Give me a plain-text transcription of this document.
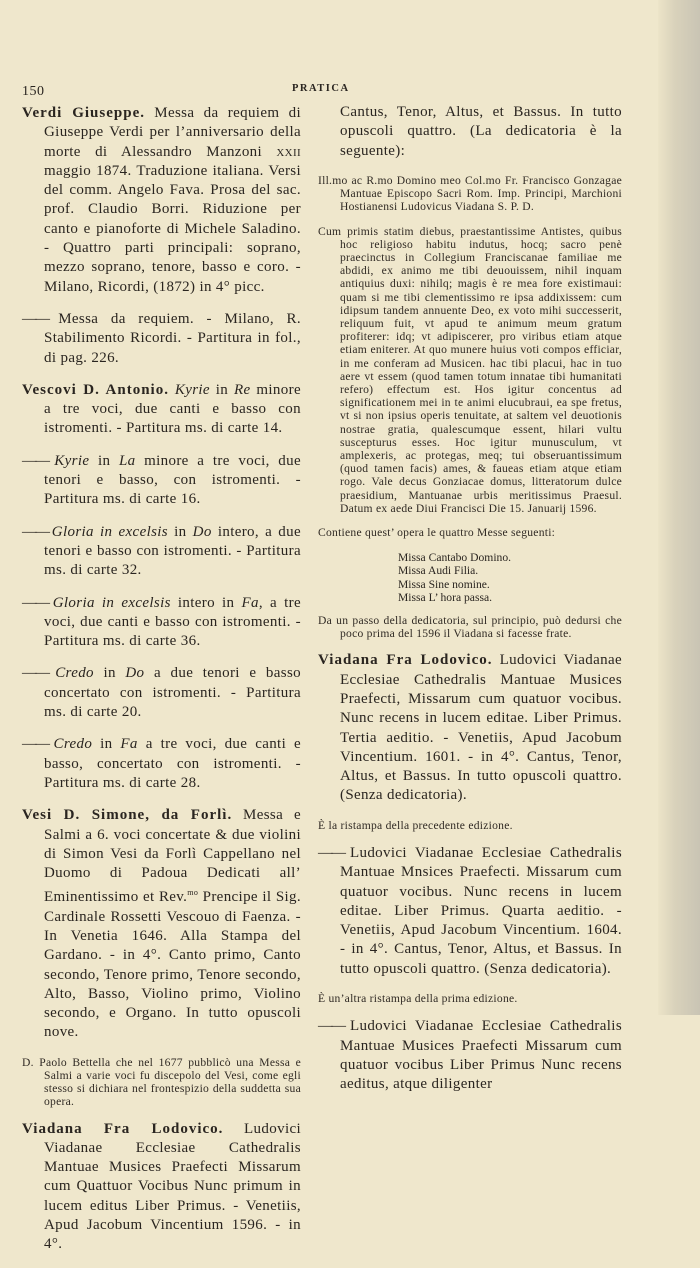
150	PRATICA

Verdi Giuseppe. Messa da requiem di Giuseppe Verdi per l’anniversario della morte di Alessandro Manzoni xxii maggio 1874. Traduzione italiana. Versi del comm. Angelo Fava. Prosa del sac. prof. Claudio Borri. Riduzione per canto e pianoforte di Michele Saladino. - Quattro parti principali: soprano, mezzo soprano, tenore, basso e coro. - Milano, Ricordi, (1872) in 4° picc.

—— Messa da requiem. - Milano, R. Stabilimento Ricordi. - Partitura in fol., di pag. 226.

Vescovi D. Antonio. Kyrie in Re minore a tre voci, due canti e basso con istromenti. - Partitura ms. di carte 14.

—— Kyrie in La minore a tre voci, due tenori e basso, con istromenti. - Partitura ms. di carte 16.

—— Gloria in excelsis in Do intero, a due tenori e basso con istromenti. - Partitura ms. di carte 32.

—— Gloria in excelsis intero in Fa, a tre voci, due canti e basso con istromenti. - Partitura ms. di carte 36.

—— Credo in Do a due tenori e basso concertato con istromenti. - Partitura ms. di carte 20.

—— Credo in Fa a tre voci, due canti e basso, concertato con istromenti. - Partitura ms. di carte 28.

Vesi D. Simone, da Forlì. Messa e Salmi a 6. voci concertate & due violini di Simon Vesi da Forlì Cappellano nel Duomo di Padoua Dedicati all’ Eminentissimo et Rev.$^{mo}$ Prencipe il Sig. Cardinale Rossetti Vescouo di Faenza. - In Venetia 1646. Alla Stampa del Gardano. - in 4°. Canto primo, Canto secondo, Tenore primo, Tenore secondo, Alto, Basso, Violino primo, Violino secondo, e Organo. In tutto opuscoli nove.

D. Paolo Bettella che nel 1677 pubblicò una Messa e Salmi a varie voci fu discepolo del Vesi, come egli stesso si dichiara nel frontespizio della suddetta sua opera.

Viadana Fra Lodovico. Ludovici Viadanae Ecclesiae Cathedralis Mantuae Musices Praefecti Missarum cum Quattuor Vocibus Nunc primum in lucem editus Liber Primus. - Venetiis, Apud Jacobum Vincentium 1596. - in 4°.

Cantus, Tenor, Altus, et Bassus. In tutto opuscoli quattro. (La dedicatoria è la seguente):

Ill.mo ac R.mo Domino meo Col.mo Fr. Francisco Gonzagae Mantuae Episcopo Sacri Rom. Imp. Principi, Marchioni Hostianensi Ludovicus Viadana S. P. D.

Cum primis statim diebus, praestantissime Antistes, quibus hoc religioso habitu indutus, hocq; sacro penè praecinctus in Collegium Franciscanae familiae me abdidi, ex animo me tibi deuouissem, nihil inquam antiquius duxi: nihilq; magis è re mea fore existimaui: quam si me tibi clementissimo re ipsa addixissem: cum idipsum tandem annuente Deo, ex voto mihi successerit, reliquum fuit, vt apud te animum meum gratum profiterer: idq; vt adipiscerer, pro viribus etiam atque etiam eniterer. At quo munere huius voti compos efficiar, in me conferam ad Musicen. hac tibi placui, hac in tuo aere vt essem (quod tamen totum innatae tibi humanitati refero) effectum est. Hos igitur concentus ad significationem mei in te animi elucubraui, ea spe fretus, vt si non ipsius operis tenuitate, at saltem vel deuotionis nostrae gratia, qualescumque essent, hilari vultu suscepturus esses. Hoc igitur munusculum, vt amplexeris, ac protegas, meq; tui obseruantissimum (quod tamen facis) ames, & faueas etiam atque etiam rogo. Vale decus Gonziacae domus, litteratorum dulce praesidium, Mantuanae urbis meritissimus Praesul. Datum ex aede Diui Francisci Die 15. Januarij 1596.

Contiene quest’ opera le quattro Messe seguenti:

Missa Cantabo Domino.
Missa Audi Filia.
Missa Sine nomine.
Missa L’ hora passa.

Da un passo della dedicatoria, sul principio, può dedursi che poco prima del 1596 il Viadana si facesse frate.

Viadana Fra Lodovico. Ludovici Viadanae Ecclesiae Cathedralis Mantuae Musices Praefecti, Missarum cum quatuor vocibus. Nunc recens in lucem editae. Liber Primus. Tertia aeditio. - Venetiis, Apud Jacobum Vincentium. 1601. - in 4°. Cantus, Tenor, Altus, et Bassus. In tutto opuscoli quattro. (Senza dedicatoria).

È la ristampa della precedente edizione.

—— Ludovici Viadanae Ecclesiae Cathedralis Mantuae Mnsices Praefecti. Missarum cum quatuor vocibus. Nunc recens in lucem editae. Liber Primus. Quarta aeditio. - Venetiis, Apud Jacobum Vincentium. 1604. - in 4°. Cantus, Tenor, Altus, et Bassus. In tutto opuscoli quattro. (Senza dedicatoria).

È un’altra ristampa della prima edizione.

—— Ludovici Viadanae Ecclesiae Cathedralis Mantuae Musices Praefecti Missarum cum quatuor vocibus Liber Primus Nunc recens aeditus, atque diligenter
